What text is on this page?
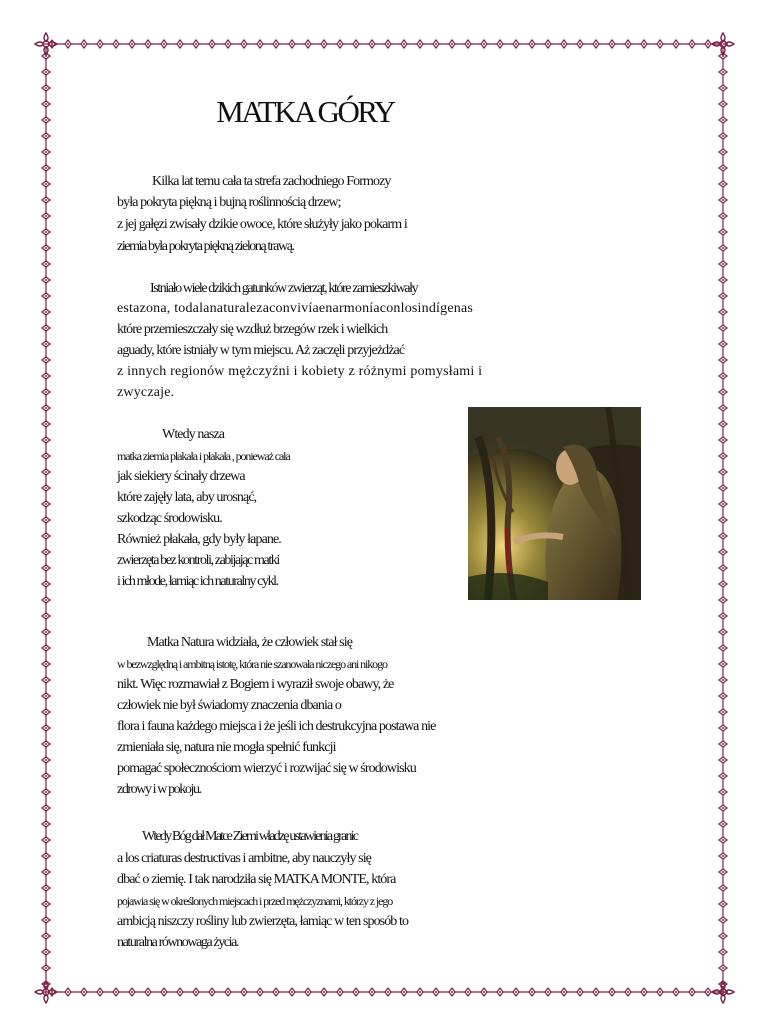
MATKA GÓRY
Kilka lat temu cała ta strefa zachodniego Formozy
była pokryta piękną i bujną roślinnością drzew;
z jej gałęzi zwisały dzikie owoce, które służyły jako pokarm i
ziemia była pokryta piękną zieloną trawą.
Istniało wiele dzikich gatunków zwierząt, które zamieszkiwały
estazona, todalanaturalezaconvivíaenarmoníaconlosindígenas
które przemieszczały się wzdłuż brzegów rzek i wielkich
aguady, które istniały w tym miejscu. Aż zaczęli przyjeżdżać
z innych regionów mężczyźni i kobiety z różnymi pomysłami i
zwyczaje.
Wtedy nasza
matka ziemia płakała i płakała , ponieważ cała
jak siekiery ścinały drzewa
które zajęły lata, aby urosnąć,
szkodząc środowisku.
Również płakała, gdy były łapane.
zwierzęta bez kontroli, zabijając matki
i ich młode, łamiąc ich naturalny cykl.
Matka Natura widziała, że człowiek stał się
w bezwzględną i ambitną istotę, która nie szanowała niczego ani nikogo
nikt. Więc rozmawiał z Bogiem i wyraził swoje obawy, że
człowiek nie był świadomy znaczenia dbania o
flora i fauna każdego miejsca i że jeśli ich destrukcyjna postawa nie
zmieniała się, natura nie mogła spełnić funkcji
pomagać społecznościom wierzyć i rozwijać się w środowisku
zdrowy i w pokoju.
Wtedy Bóg dał Matce Ziemi władzę ustawienia granic
a los criaturas destructivas i ambitne, aby nauczyły się
dbać o ziemię. I tak narodziła się MATKA MONTE, która
pojawia się w określonych miejscach i przed mężczyznami, którzy z jego
ambicją niszczy rośliny lub zwierzęta, łamiąc w ten sposób to
naturalna równowaga życia.
